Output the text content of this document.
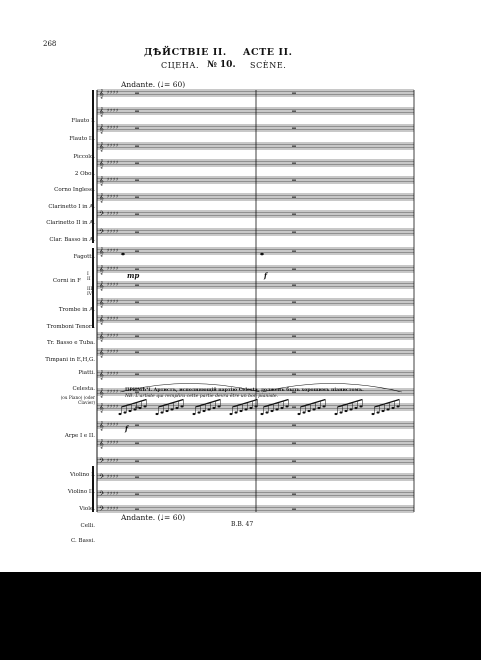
268
ДѢЙСТВІЕ II. ACTE II.
СЦЕНА. № 10. SCÈNE.
Andante. (♩= 60)
Flauto I.
Flauto II.
Piccolo.
2 Oboi.
Corno Inglese.
Clarinetto I in A.
Clarinetto II in A.
Clar. Basso in A.
Fagotti.
Corni in F
Trombe in A.
Tromboni Tenori.
Tr. Basso e Tuba.
Timpani in E,H,G.
Piatti.
Celesta.
(ou Piano) (oder Clavier)
Arpe I e II.
Violino I.
Violino II.
Viole.
Celli.
C. Bassi.
I II
III IV
𝄞 ♯ ♯ ♯ ♯
𝄞 ♯ ♯ ♯ ♯
𝄞 ♯ ♯ ♯ ♯
𝄞 ♯ ♯ ♯ ♯
𝄞 ♯ ♯ ♯ ♯
𝄞 ♯ ♯ ♯ ♯
𝄞 ♯ ♯ ♯ ♯
𝄢 ♯ ♯ ♯ ♯
𝄢 ♯ ♯ ♯ ♯
𝄞 ♯ ♯ ♯ ♯
𝄞 ♯ ♯ ♯ ♯
𝄞 ♯ ♯ ♯ ♯
𝄞 ♯ ♯ ♯ ♯
𝄞 ♯ ♯ ♯ ♯
𝄞 ♯ ♯ ♯ ♯
𝄞 ♯ ♯ ♯ ♯
𝄞 ♯ ♯ ♯ ♯
𝄞 ♯ ♯ ♯ ♯
𝄞 ♯ ♯ ♯ ♯
𝄞 ♯ ♯ ♯ ♯
𝄞 ♯ ♯ ♯ ♯
𝄢 ♯ ♯ ♯ ♯
𝄢 ♯ ♯ ♯ ♯
𝄢 ♯ ♯ ♯ ♯
𝄢 ♯ ♯ ♯ ♯
mp	f
f
ПРИМѢЧ. Артистъ, исполняющій партію Celesta, долженъ быть хорошимъ піанистомъ.
NB. L'artiste qui remplira cette partie devra être un bon pianiste.
Andante. (♩= 60)
B.B. 47
